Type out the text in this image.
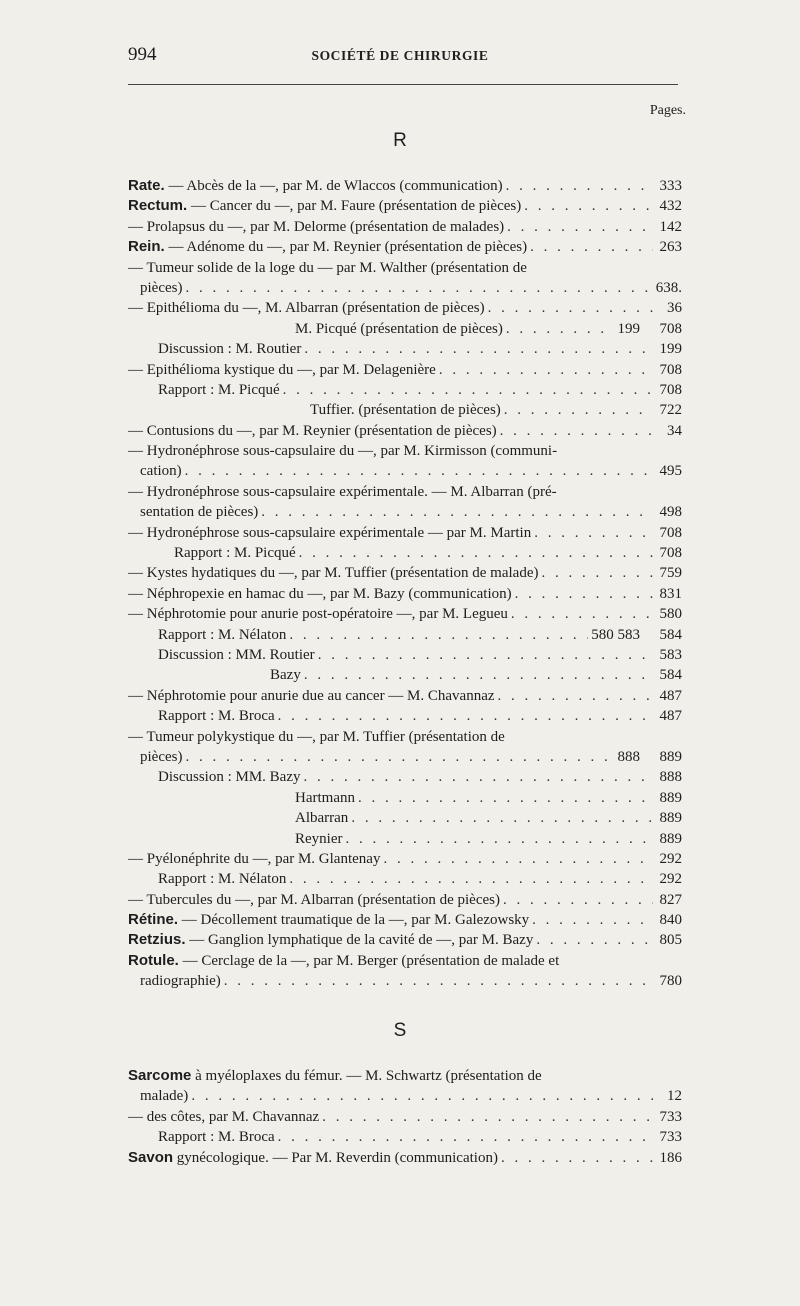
994	SOCIÉTÉ DE CHIRURGIE
Pages.
R
Rate. — Abcès de la —, par M. de Wlaccos (communication) . . .	333
Rectum. — Cancer du —, par M. Faure (présentation de pièces) . . .	432
— Prolapsus du —, par M. Delorme (présentation de malades) . . .	142
Rein. — Adénome du —, par M. Reynier (présentation de pièces) . . .	263
— Tumeur solide de la loge du — par M. Walther (présentation de
pièces) . . .	638.
— Epithélioma du —, M. Albarran (présentation de pièces) . . .	36
M. Picqué (présentation de pièces) . . .	199 708
Discussion : M. Routier . . .	199
— Epithélioma kystique du —, par M. Delagenière . . .	708
Rapport : M. Picqué . . .	708
Tuffier. (présentation de pièces) . . .	722
— Contusions du —, par M. Reynier (présentation de pièces) . . .	34
— Hydronéphrose sous-capsulaire du —, par M. Kirmisson (communi-
cation) . . .	495
— Hydronéphrose sous-capsulaire expérimentale. — M. Albarran (pré-
sentation de pièces) . . .	498
— Hydronéphrose sous-capsulaire expérimentale — par M. Martin . . .	708
Rapport : M. Picqué . . .	708
— Kystes hydatiques du —, par M. Tuffier (présentation de malade) . . .	759
— Néphropexie en hamac du —, par M. Bazy (communication) . . .	831
— Néphrotomie pour anurie post-opératoire —, par M. Legueu . . .	580
Rapport : M. Nélaton . . .	580 583 584
Discussion : MM. Routier . . .	583
Bazy . . .	584
— Néphrotomie pour anurie due au cancer — M. Chavannaz . . .	487
Rapport : M. Broca . . .	487
— Tumeur polykystique du —, par M. Tuffier (présentation de
pièces) . . .	888 889
Discussion : MM. Bazy . . .	888
Hartmann . . .	889
Albarran . . .	889
Reynier . . .	889
— Pyélonéphrite du —, par M. Glantenay . . .	292
Rapport : M. Nélaton . . .	292
— Tubercules du —, par M. Albarran (présentation de pièces) . . .	827
Rétine. — Décollement traumatique de la —, par M. Galezowsky . . .	840
Retzius. — Ganglion lymphatique de la cavité de —, par M. Bazy . . .	805
Rotule. — Cerclage de la —, par M. Berger (présentation de malade et
radiographie) . . .	780
S
Sarcome à myéloplaxes du fémur. — M. Schwartz (présentation de
malade) . . .	12
— des côtes, par M. Chavannaz . . .	733
Rapport : M. Broca . . .	733
Savon gynécologique. — Par M. Reverdin (communication) . . .	186
